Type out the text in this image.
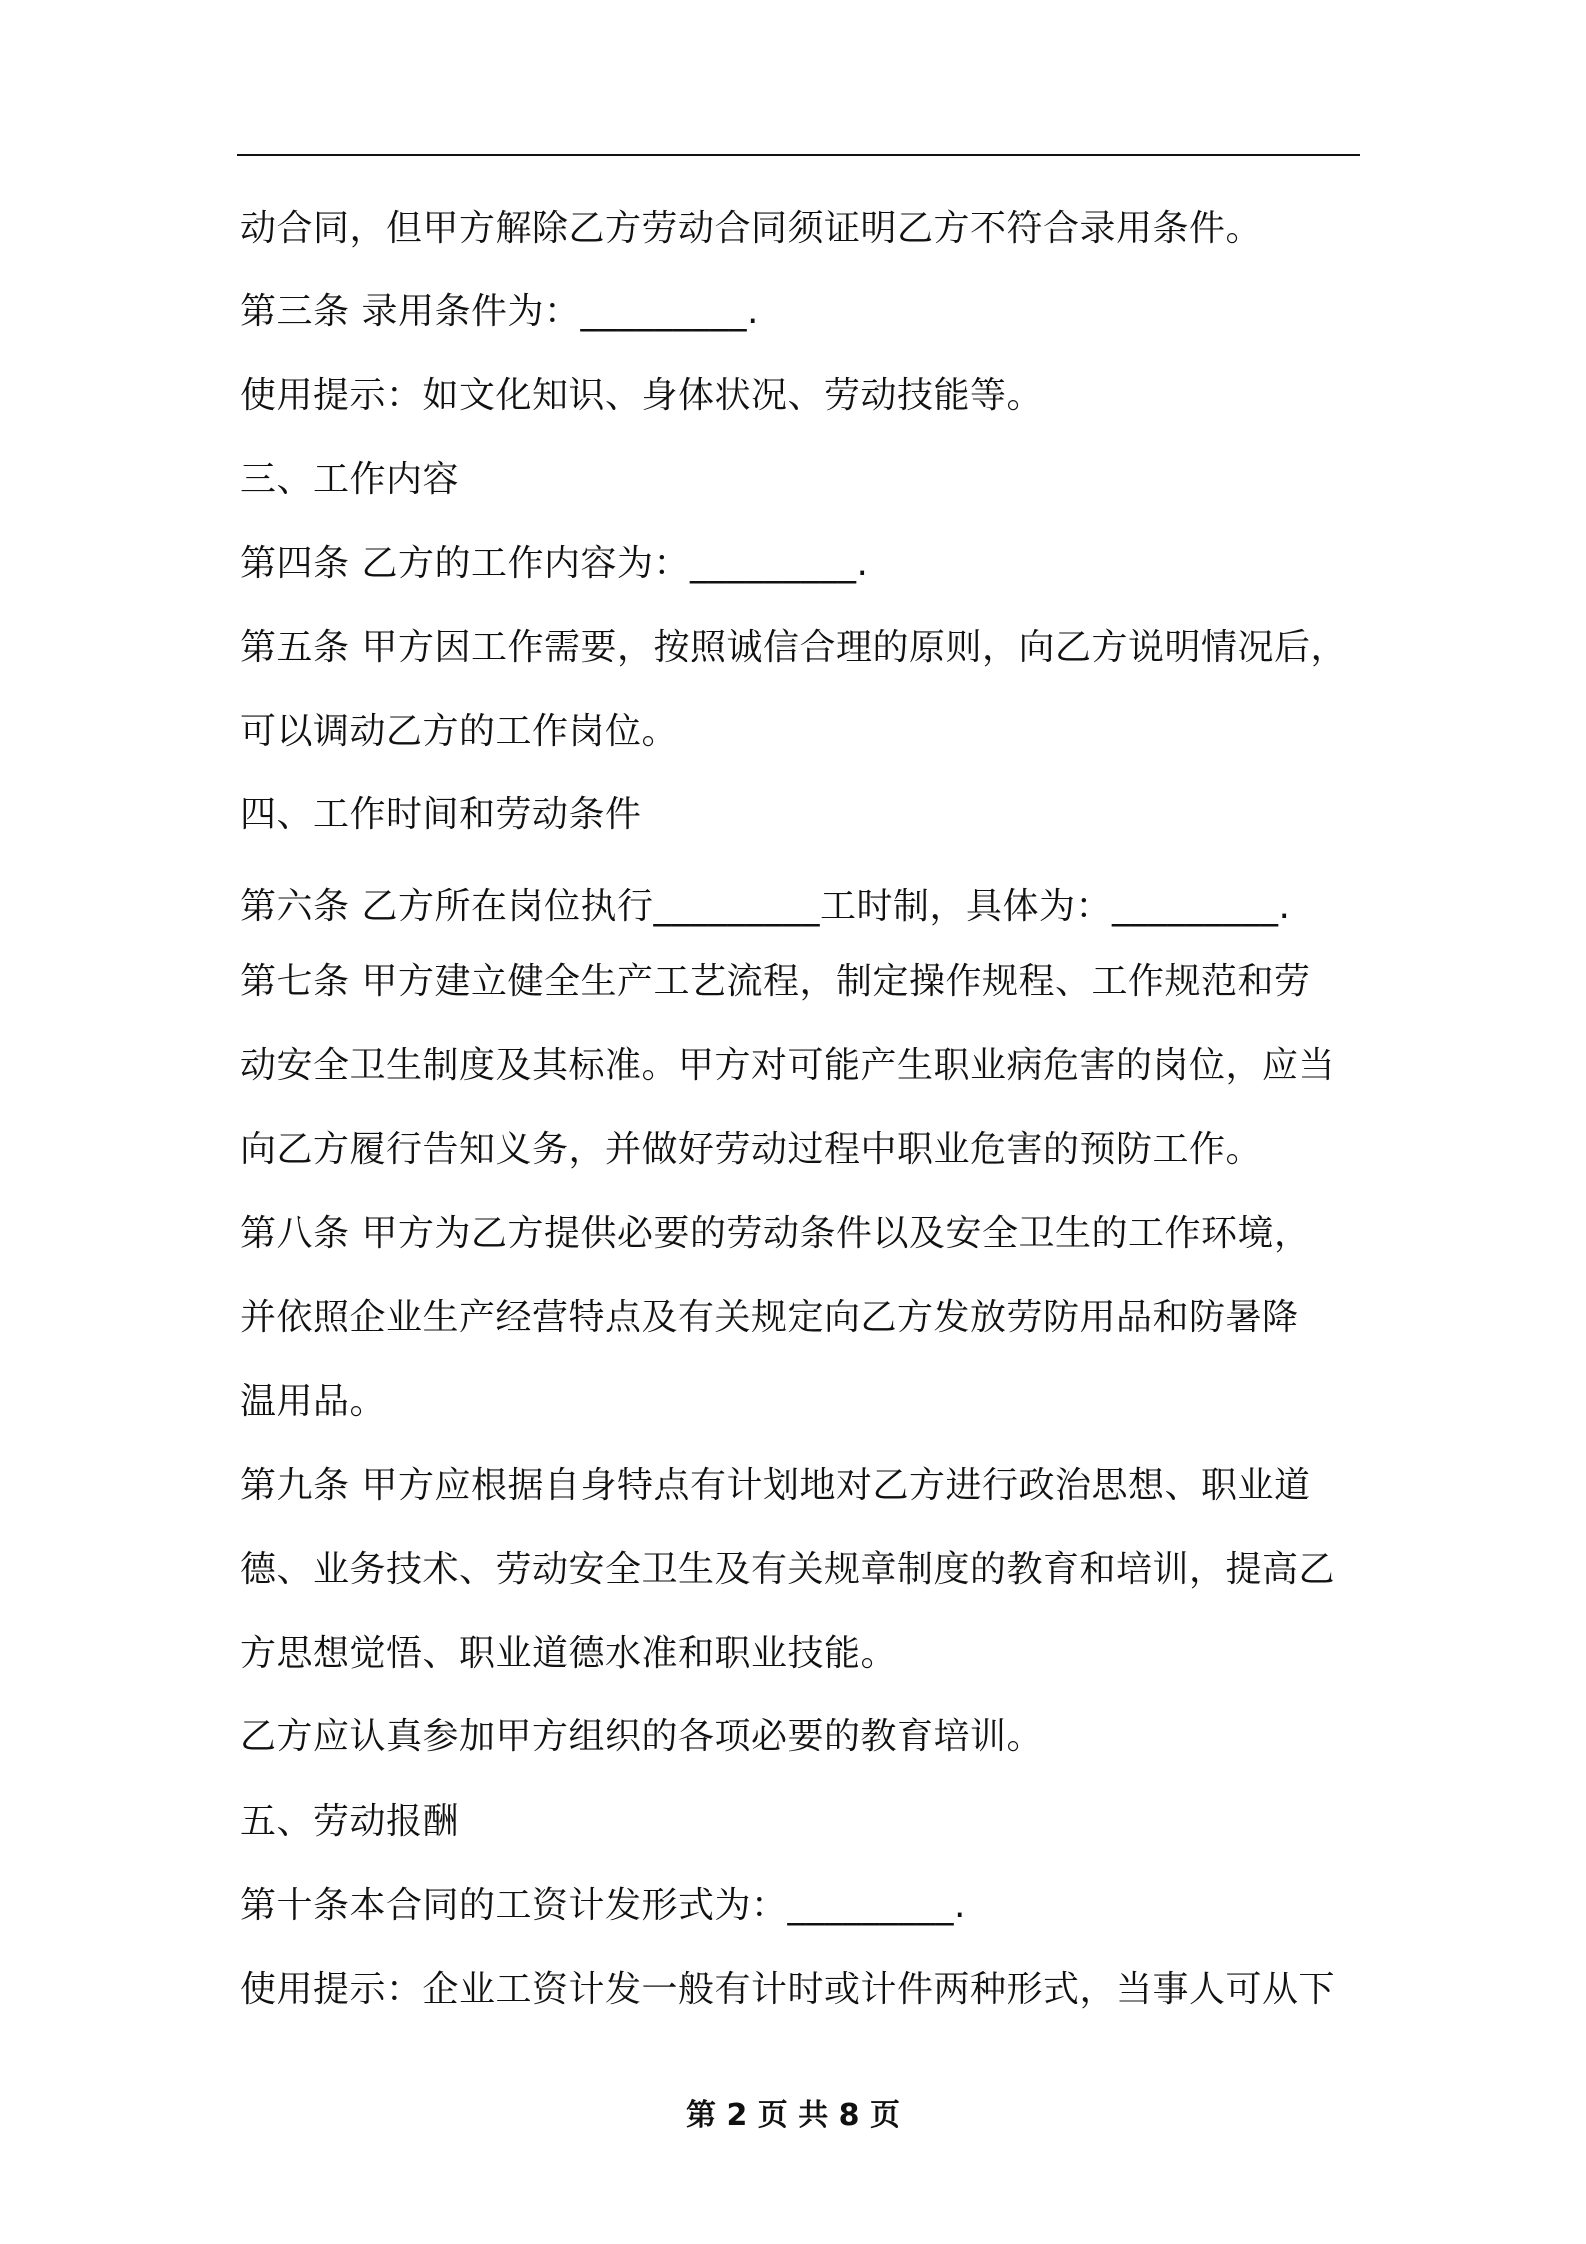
动合同，但甲方解除乙方劳动合同须证明乙方不符合录用条件。
第三条 录用条件为：_________.
使用提示：如文化知识、身体状况、劳动技能等。
三、工作内容
第四条 乙方的工作内容为：_________.
第五条 甲方因工作需要，按照诚信合理的原则，向乙方说明情况后，
可以调动乙方的工作岗位。
四、工作时间和劳动条件
第六条 乙方所在岗位执行_________工时制，具体为：_________.
第七条 甲方建立健全生产工艺流程，制定操作规程、工作规范和劳
动安全卫生制度及其标准。甲方对可能产生职业病危害的岗位，应当
向乙方履行告知义务，并做好劳动过程中职业危害的预防工作。
第八条 甲方为乙方提供必要的劳动条件以及安全卫生的工作环境，
并依照企业生产经营特点及有关规定向乙方发放劳防用品和防暑降
温用品。
第九条 甲方应根据自身特点有计划地对乙方进行政治思想、职业道
德、业务技术、劳动安全卫生及有关规章制度的教育和培训，提高乙
方思想觉悟、职业道德水准和职业技能。
乙方应认真参加甲方组织的各项必要的教育培训。
五、劳动报酬
第十条本合同的工资计发形式为：_________.
使用提示：企业工资计发一般有计时或计件两种形式，当事人可从下
第 2 页 共 8 页
